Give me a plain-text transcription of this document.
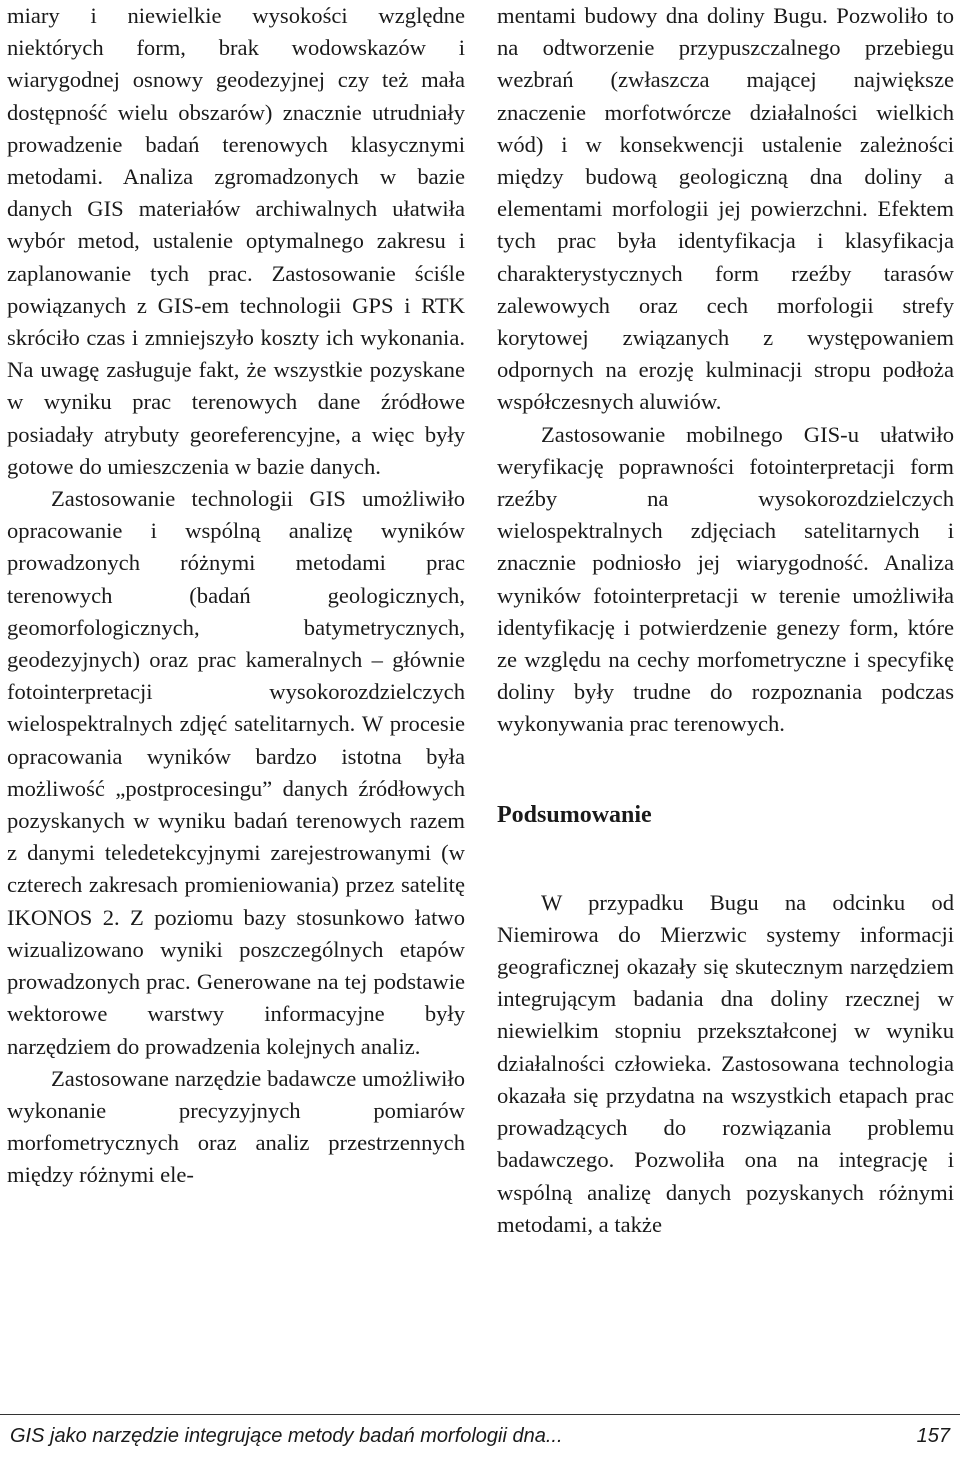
miary i niewielkie wysokości względne niektórych form, brak wodowskazów i wiarygodnej osnowy geodezyjnej czy też mała dostępność wielu obszarów) znacznie utrudniały prowadzenie badań terenowych klasycznymi metodami. Analiza zgromadzonych w bazie danych GIS materiałów archiwalnych ułatwiła wybór metod, ustalenie optymalnego zakresu i zaplanowanie tych prac. Zastosowanie ściśle powiązanych z GIS-em technologii GPS i RTK skróciło czas i zmniejszyło koszty ich wykonania. Na uwagę zasługuje fakt, że wszystkie pozyskane w wyniku prac terenowych dane źródłowe posiadały atrybuty georeferencyjne, a więc były gotowe do umieszczenia w bazie danych.

Zastosowanie technologii GIS umożliwiło opracowanie i wspólną analizę wyników prowadzonych różnymi metodami prac terenowych (badań geologicznych, geomorfologicznych, batymetrycznych, geodezyjnych) oraz prac kameralnych – głównie fotointerpretacji wysokorozdzielczych wielospektralnych zdjęć satelitarnych. W procesie opracowania wyników bardzo istotna była możliwość „postprocesingu” danych źródłowych pozyskanych w wyniku badań terenowych razem z danymi teledetekcyjnymi zarejestrowanymi (w czterech zakresach promieniowania) przez satelitę IKONOS 2. Z poziomu bazy stosunkowo łatwo wizualizowano wyniki poszczególnych etapów prowadzonych prac. Generowane na tej podstawie wektorowe warstwy informacyjne były narzędziem do prowadzenia kolejnych analiz.

Zastosowane narzędzie badawcze umożliwiło wykonanie precyzyjnych pomiarów morfometrycznych oraz analiz przestrzennych między różnymi ele-

mentami budowy dna doliny Bugu. Pozwoliło to na odtworzenie przypuszczalnego przebiegu wezbrań (zwłaszcza mającej największe znaczenie morfotwórcze działalności wielkich wód) i w konsekwencji ustalenie zależności między budową geologiczną dna doliny a elementami morfologii jej powierzchni. Efektem tych prac była identyfikacja i klasyfikacja charakterystycznych form rzeźby tarasów zalewowych oraz cech morfologii strefy korytowej związanych z występowaniem odpornych na erozję kulminacji stropu podłoża współczesnych aluwiów.

Zastosowanie mobilnego GIS-u ułatwiło weryfikację poprawności fotointerpretacji form rzeźby na wysokorozdzielczych wielospektralnych zdjęciach satelitarnych i znacznie podniosło jej wiarygodność. Analiza wyników fotointerpretacji w terenie umożliwiła identyfikację i potwierdzenie genezy form, które ze względu na cechy morfometryczne i specyfikę doliny były trudne do rozpoznania podczas wykonywania prac terenowych.

Podsumowanie

W przypadku Bugu na odcinku od Niemirowa do Mierzwic systemy informacji geograficznej okazały się skutecznym narzędziem integrującym badania dna doliny rzecznej w niewielkim stopniu przekształconej w wyniku działalności człowieka. Zastosowana technologia okazała się przydatna na wszystkich etapach prac prowadzących do rozwiązania problemu badawczego. Pozwoliła ona na integrację i wspólną analizę danych pozyskanych różnymi metodami, a także

GIS jako narzędzie integrujące metody badań morfologii dna...	157
